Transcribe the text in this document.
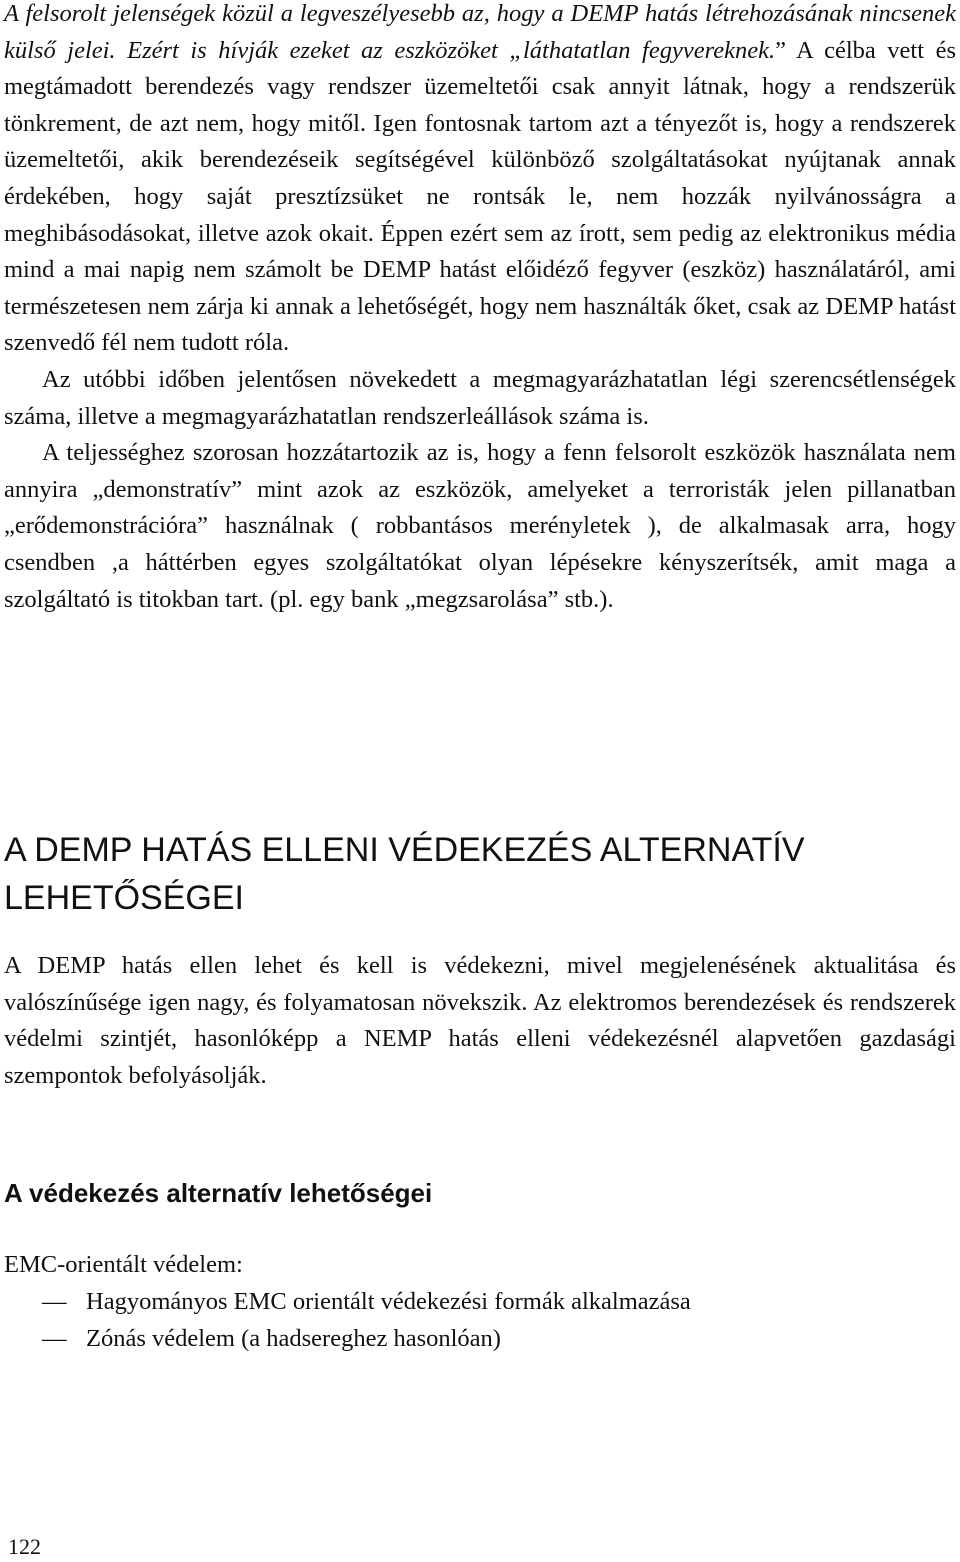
A felsorolt jelenségek közül a legveszélyesebb az, hogy a DEMP hatás létrehozásának nincsenek külső jelei. Ezért is hívják ezeket az eszközöket „láthatatlan fegyvereknek.” A célba vett és megtámadott berendezés vagy rendszer üzemeltetői csak annyit látnak, hogy a rendszerük tönkrement, de azt nem, hogy mitől. Igen fontosnak tartom azt a tényezőt is, hogy a rendszerek üzemeltetői, akik berendezéseik segítségével különböző szolgáltatásokat nyújtanak annak érdekében, hogy saját presztízsüket ne rontsák le, nem hozzák nyilvánosságra a meghibásodásokat, illetve azok okait. Éppen ezért sem az írott, sem pedig az elektronikus média mind a mai napig nem számolt be DEMP hatást előidéző fegyver (eszköz) használatáról, ami természetesen nem zárja ki annak a lehetőségét, hogy nem használták őket, csak az DEMP hatást szenvedő fél nem tudott róla.

Az utóbbi időben jelentősen növekedett a megmagyarázhatatlan légi szerencsétlenségek száma, illetve a megmagyarázhatatlan rendszerleállások száma is.

A teljességhez szorosan hozzátartozik az is, hogy a fenn felsorolt eszközök használata nem annyira „demonstratív” mint azok az eszközök, amelyeket a terroristák jelen pillanatban „erődemonstrációra” használnak ( robbantásos merényletek ), de alkalmasak arra, hogy csendben ,a háttérben egyes szolgáltatókat olyan lépésekre kényszerítsék, amit maga a szolgáltató is titokban tart. (pl. egy bank „megzsarolása” stb.).

A DEMP HATÁS ELLENI VÉDEKEZÉS ALTERNATÍV LEHETŐSÉGEI

A DEMP hatás ellen lehet és kell is védekezni, mivel megjelenésének aktualitása és valószínűsége igen nagy, és folyamatosan növekszik. Az elektromos berendezések és rendszerek védelmi szintjét, hasonlóképp a NEMP hatás elleni védekezésnél alapvetően gazdasági szempontok befolyásolják.

A védekezés alternatív lehetőségei
EMC-orientált védelem:
— Hagyományos EMC orientált védekezési formák alkalmazása
— Zónás védelem (a hadsereghez hasonlóan)
122
